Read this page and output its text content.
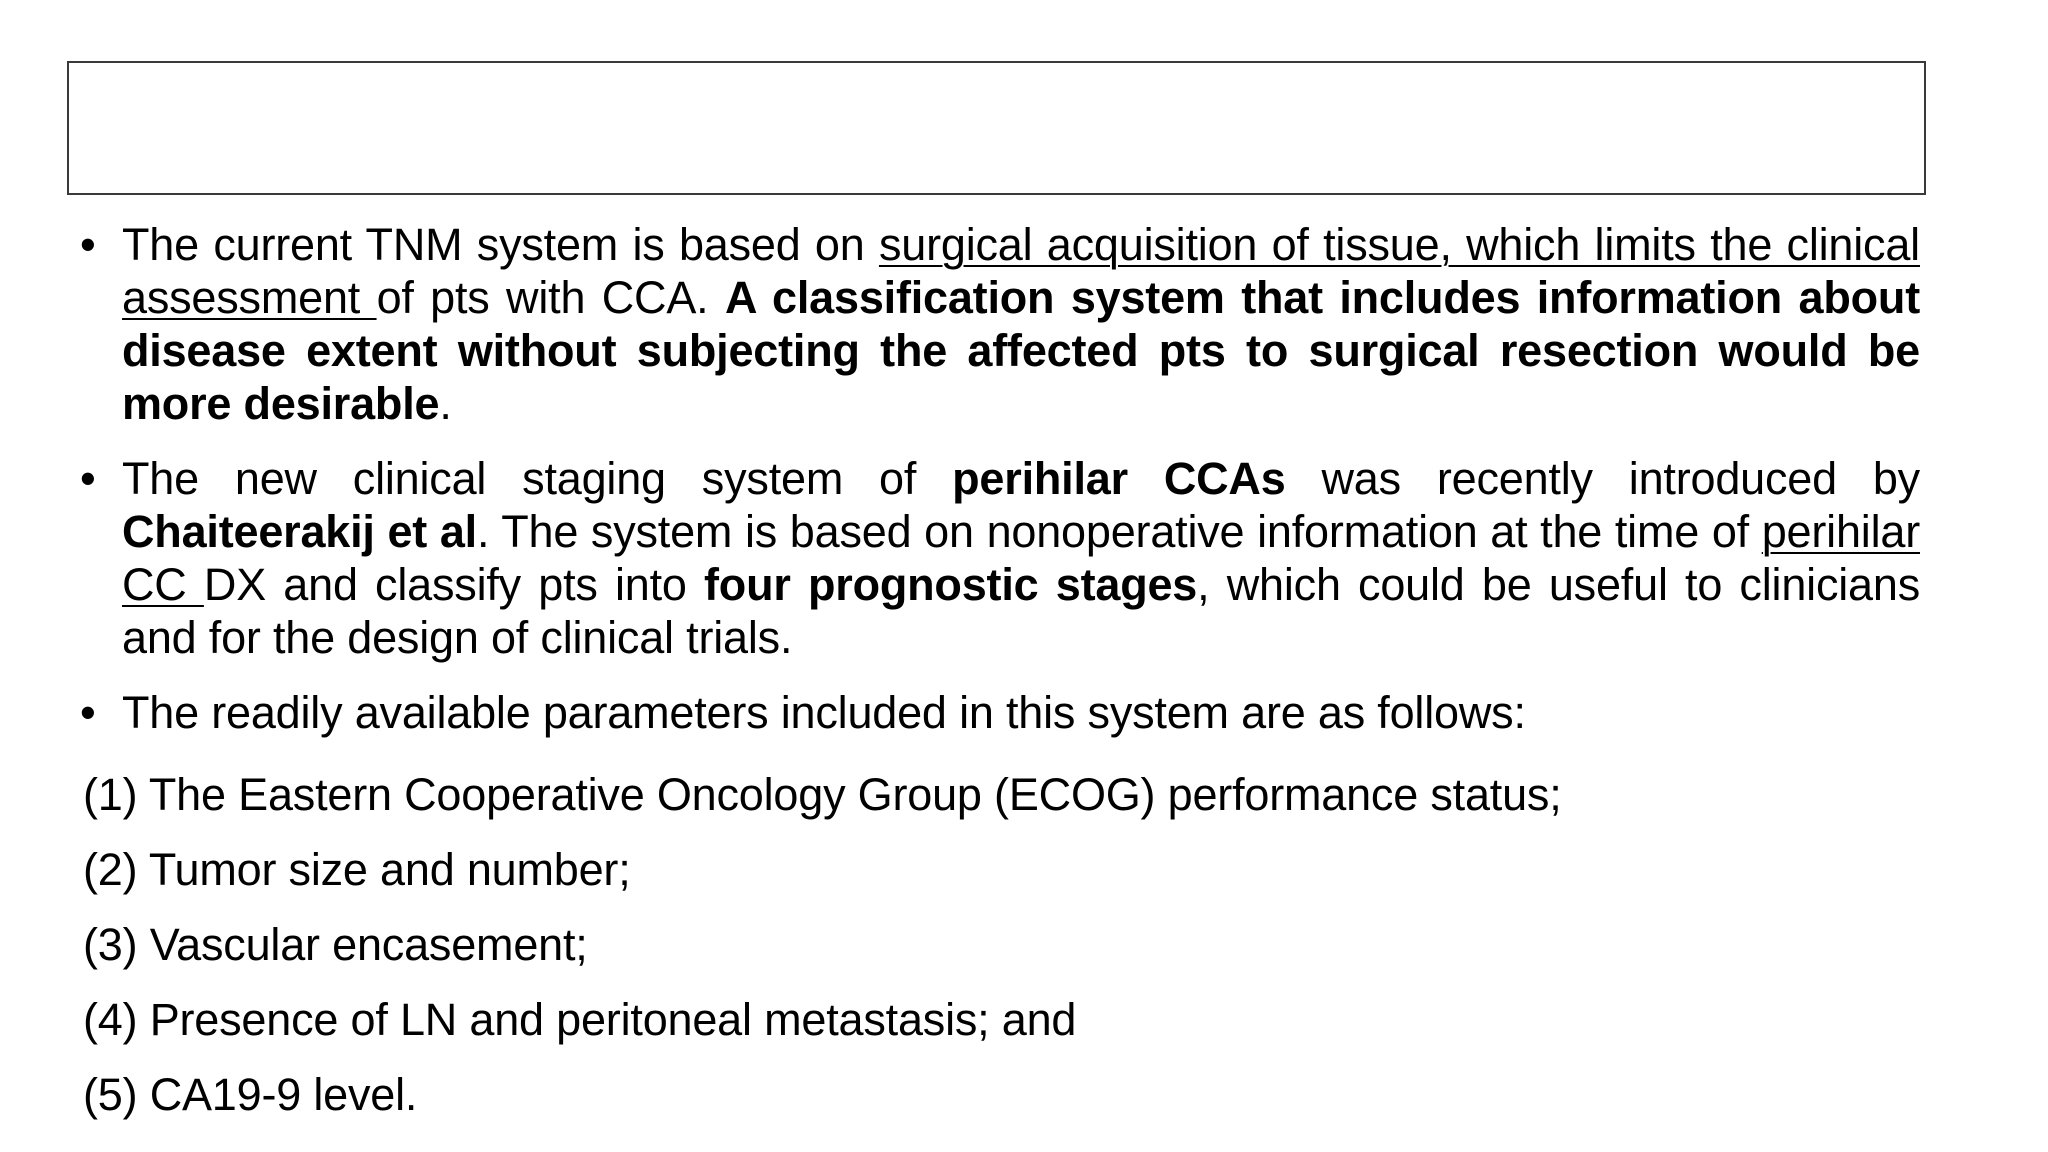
• The current TNM system is based on surgical acquisition of tissue, which limits the clinical assessment of pts with CCA. A classification system that includes information about disease extent without subjecting the affected pts to surgical resection would be more desirable.

• The new clinical staging system of perihilar CCAs was recently introduced by Chaiteerakij et al. The system is based on nonoperative information at the time of perihilar CC DX and classify pts into four prognostic stages, which could be useful to clinicians and for the design of clinical trials.

• The readily available parameters included in this system are as follows:

(1) The Eastern Cooperative Oncology Group (ECOG) performance status;

(2) Tumor size and number;

(3) Vascular encasement;

(4) Presence of LN and peritoneal metastasis; and

(5) CA19-9 level.
